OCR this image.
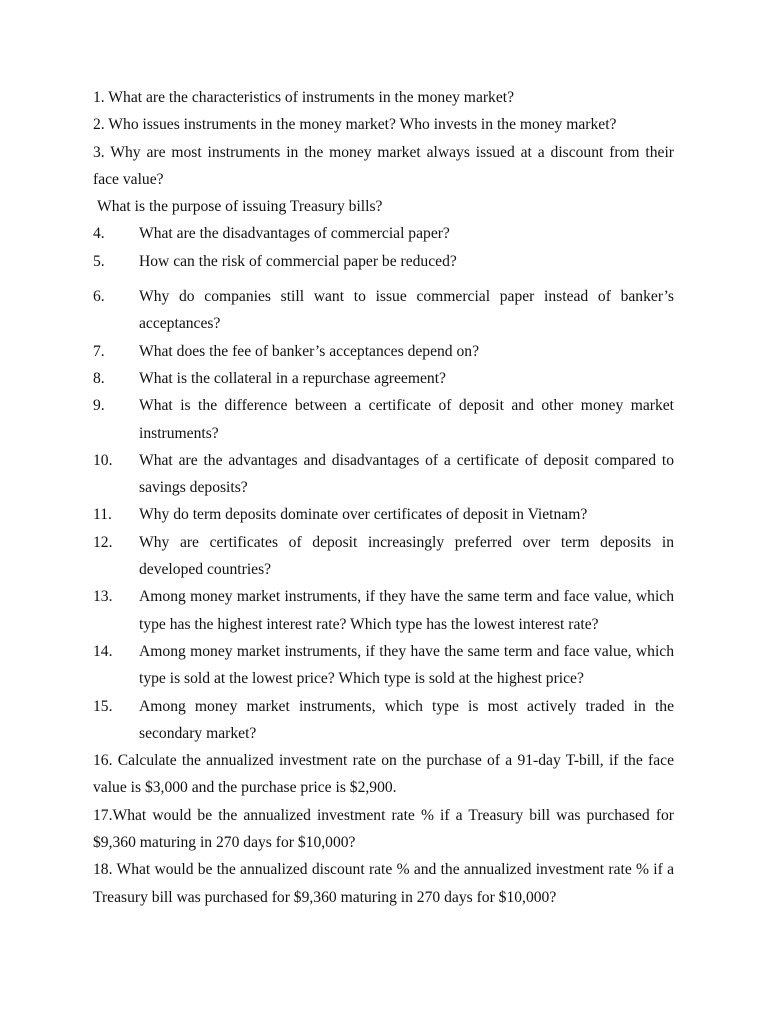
1. What are the characteristics of instruments in the money market?

2. Who issues instruments in the money market? Who invests in the money market?

3. Why are most instruments in the money market always issued at a discount from their face value?

What is the purpose of issuing Treasury bills?

4.	What are the disadvantages of commercial paper?
5.	How can the risk of commercial paper be reduced?
6.	Why do companies still want to issue commercial paper instead of banker’s acceptances?
7.	What does the fee of banker’s acceptances depend on?
8.	What is the collateral in a repurchase agreement?
9.	What is the difference between a certificate of deposit and other money market instruments?
10.	What are the advantages and disadvantages of a certificate of deposit compared to savings deposits?
11.	Why do term deposits dominate over certificates of deposit in Vietnam?
12.	Why are certificates of deposit increasingly preferred over term deposits in developed countries?
13.	Among money market instruments, if they have the same term and face value, which type has the highest interest rate? Which type has the lowest interest rate?
14.	Among money market instruments, if they have the same term and face value, which type is sold at the lowest price? Which type is sold at the highest price?
15.	Among money market instruments, which type is most actively traded in the secondary market?

16. Calculate the annualized investment rate on the purchase of a 91-day T-bill, if the face value is $3,000 and the purchase price is $2,900.

17.What would be the annualized investment rate % if a Treasury bill was purchased for $9,360 maturing in 270 days for $10,000?

18. What would be the annualized discount rate % and the annualized investment rate % if a Treasury bill was purchased for $9,360 maturing in 270 days for $10,000?
